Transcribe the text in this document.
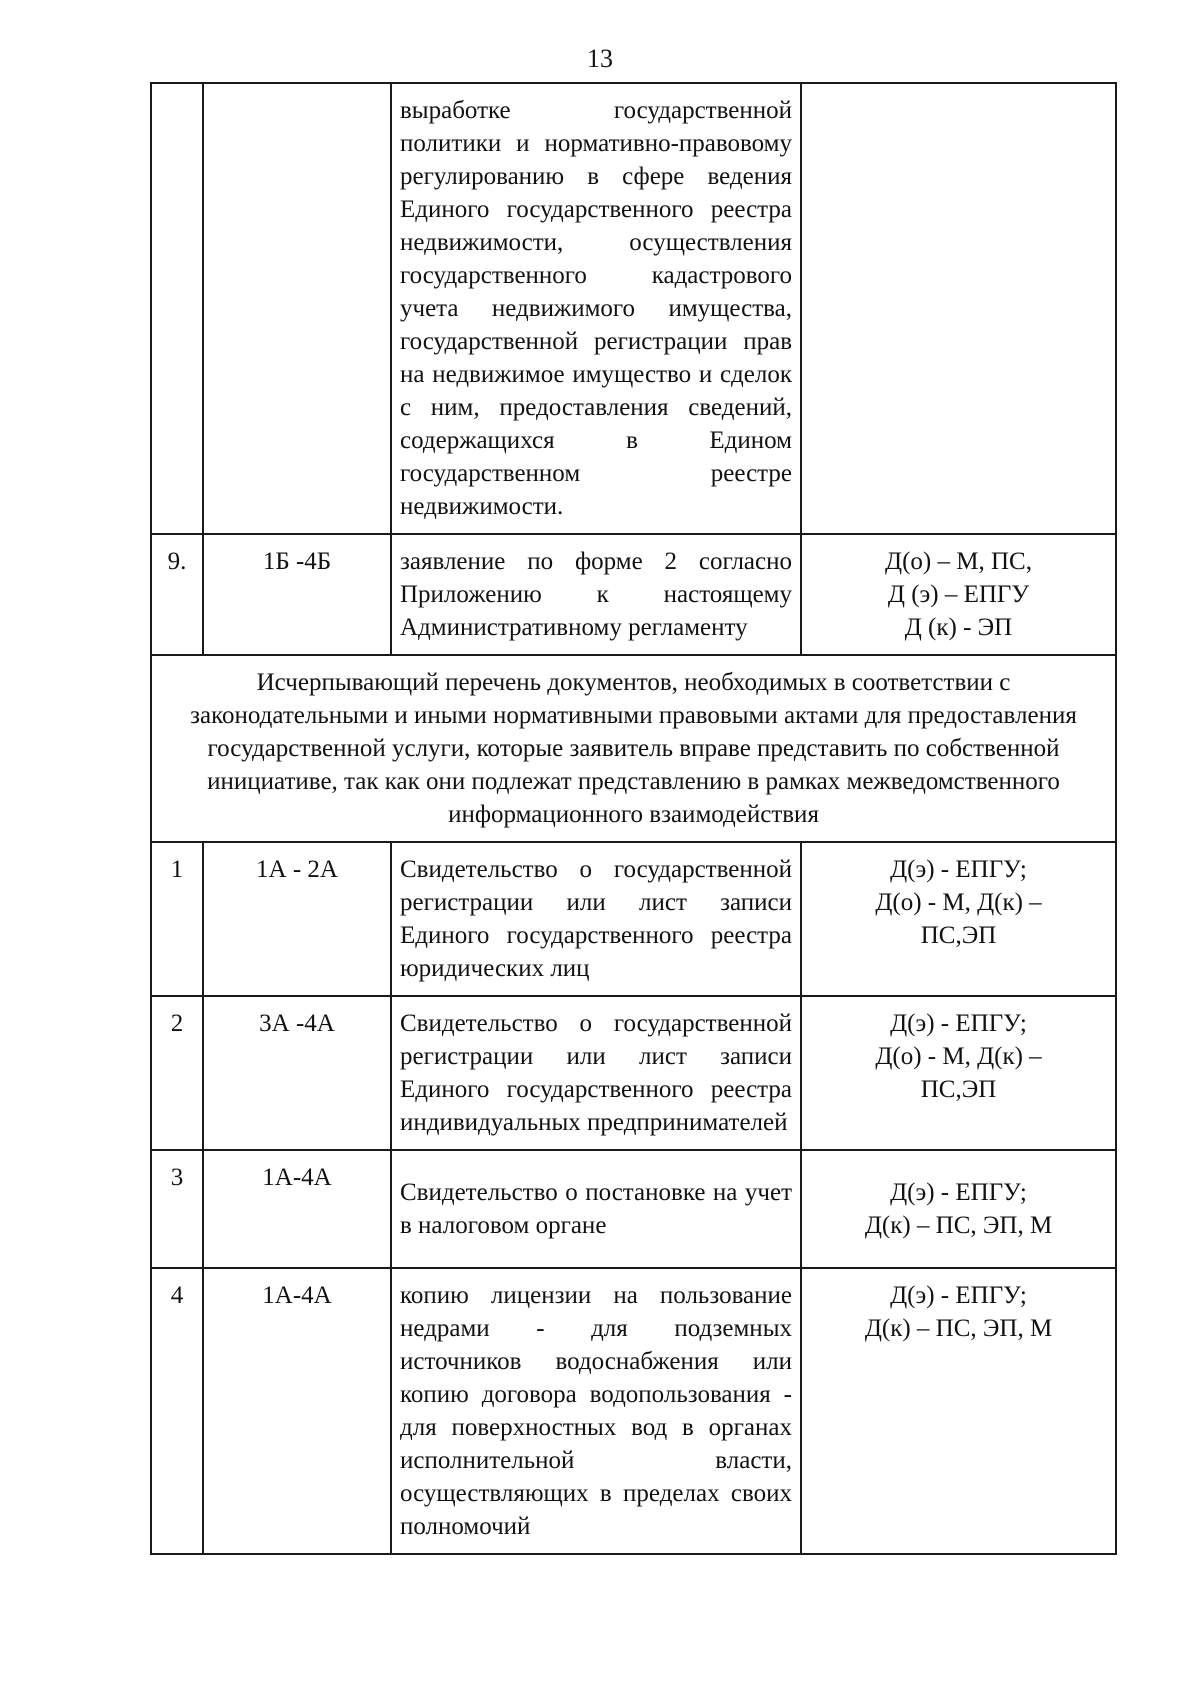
13
		выработке государственной политики и нормативно-правовому регулированию в сфере ведения Единого государственного реестра недвижимости, осуществления государственного кадастрового учета недвижимого имущества, государственной регистрации прав на недвижимое имущество и сделок с ним, предоставления сведений, содержащихся в Едином государственном реестре недвижимости.	
9.	1Б -4Б	заявление по форме 2 согласно Приложению к настоящему Административному регламенту	Д(о) – М, ПС,
Д (э) – ЕПГУ
Д (к) - ЭП

Исчерпывающий перечень документов, необходимых в соответствии с законодательными и иными нормативными правовыми актами для предоставления государственной услуги, которые заявитель вправе представить по собственной инициативе, так как они подлежат представлению в рамках межведомственного информационного взаимодействия			
1	1А - 2А	Свидетельство о государственной регистрации или лист записи Единого государственного реестра юридических лиц	Д(э) - ЕПГУ;
Д(о) - М, Д(к) –
ПС,ЭП

2	3А -4А	Свидетельство о государственной регистрации или лист записи Единого государственного реестра индивидуальных предпринимателей	Д(э) - ЕПГУ;
Д(о) - М, Д(к) –
ПС,ЭП

3	1А-4А	Свидетельство о постановке на учет в налоговом органе	Д(э) - ЕПГУ;
Д(к) – ПС, ЭП, М

4	1А-4А	копию лицензии на пользование недрами - для подземных источников водоснабжения или копию договора водопользования - для поверхностных вод в органах исполнительной власти, осуществляющих в пределах своих полномочий	Д(э) - ЕПГУ;
Д(к) – ПС, ЭП, М
